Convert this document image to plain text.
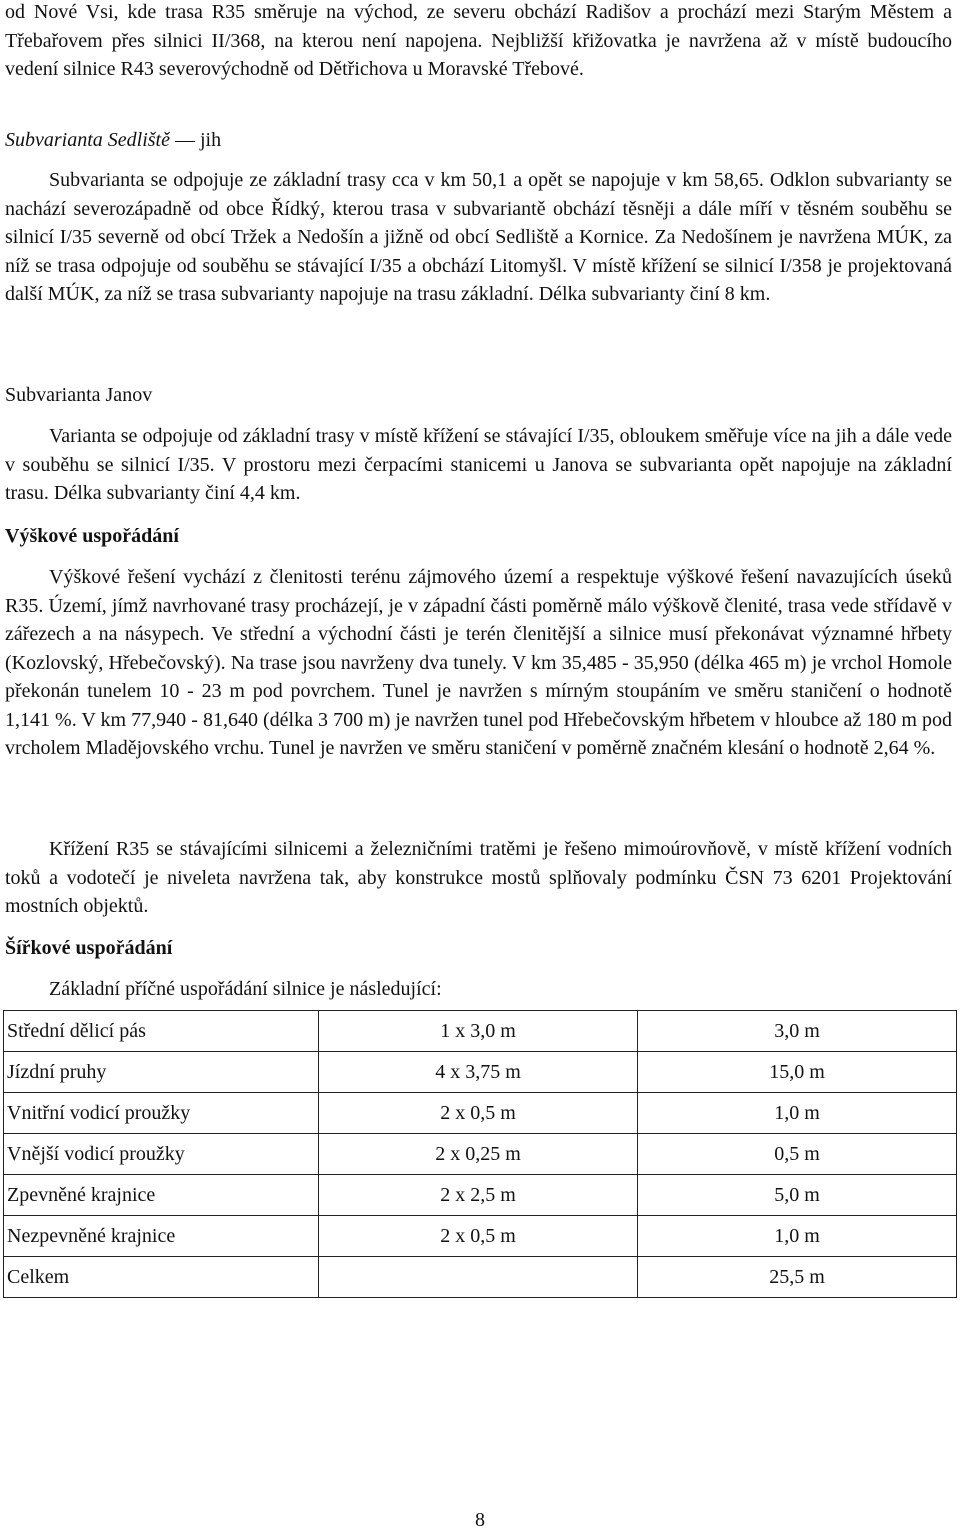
od Nové Vsi, kde trasa R35 směruje na východ, ze severu obchází Radišov a prochází mezi Starým Městem a Třebařovem přes silnici II/368, na kterou není napojena. Nejbližší křižovatka je navržena až v místě budoucího vedení silnice R43 severovýchodně od Dětřichova u Moravské Třebové.

Subvarianta Sedliště — jih

Subvarianta se odpojuje ze základní trasy cca v km 50,1 a opět se napojuje v km 58,65. Odklon subvarianty se nachází severozápadně od obce Řídký, kterou trasa v subvariantě obchází těsněji a dále míří v těsném souběhu se silnicí I/35 severně od obcí Tržek a Nedošín a jižně od obcí Sedliště a Kornice. Za Nedošínem je navržena MÚK, za níž se trasa odpojuje od souběhu se stávající I/35 a obchází Litomyšl. V místě křížení se silnicí I/358 je projektovaná další MÚK, za níž se trasa subvarianty napojuje na trasu základní. Délka subvarianty činí 8 km.

Subvarianta Janov

Varianta se odpojuje od základní trasy v místě křížení se stávající I/35, obloukem směřuje více na jih a dále vede v souběhu se silnicí I/35. V prostoru mezi čerpacími stanicemi u Janova se subvarianta opět napojuje na základní trasu. Délka subvarianty činí 4,4 km.

Výškové uspořádání

Výškové řešení vychází z členitosti terénu zájmového území a respektuje výškové řešení navazujících úseků R35. Území, jímž navrhované trasy procházejí, je v západní části poměrně málo výškově členité, trasa vede střídavě v zářezech a na násypech. Ve střední a východní části je terén členitější a silnice musí překonávat významné hřbety (Kozlovský, Hřebečovský). Na trase jsou navrženy dva tunely. V km 35,485 - 35,950 (délka 465 m) je vrchol Homole překonán tunelem 10 - 23 m pod povrchem. Tunel je navržen s mírným stoupáním ve směru staničení o hodnotě 1,141 %. V km 77,940 - 81,640 (délka 3 700 m) je navržen tunel pod Hřebečovským hřbetem v hloubce až 180 m pod vrcholem Mladějovského vrchu. Tunel je navržen ve směru staničení v poměrně značném klesání o hodnotě 2,64 %.

Křížení R35 se stávajícími silnicemi a železničními tratěmi je řešeno mimoúrovňově, v místě křížení vodních toků a vodotečí je niveleta navržena tak, aby konstrukce mostů splňovaly podmínku ČSN 73 6201 Projektování mostních objektů.

Šířkové uspořádání

Základní příčné uspořádání silnice je následující:

Střední dělicí pás	1 x 3,0 m	3,0 m
Jízdní pruhy	4 x 3,75 m	15,0 m
Vnitřní vodicí proužky	2 x 0,5 m	1,0 m
Vnější vodicí proužky	2 x 0,25 m	0,5 m
Zpevněné krajnice	2 x 2,5 m	5,0 m
Nezpevněné krajnice	2 x 0,5 m	1,0 m
Celkem		25,5 m
8
